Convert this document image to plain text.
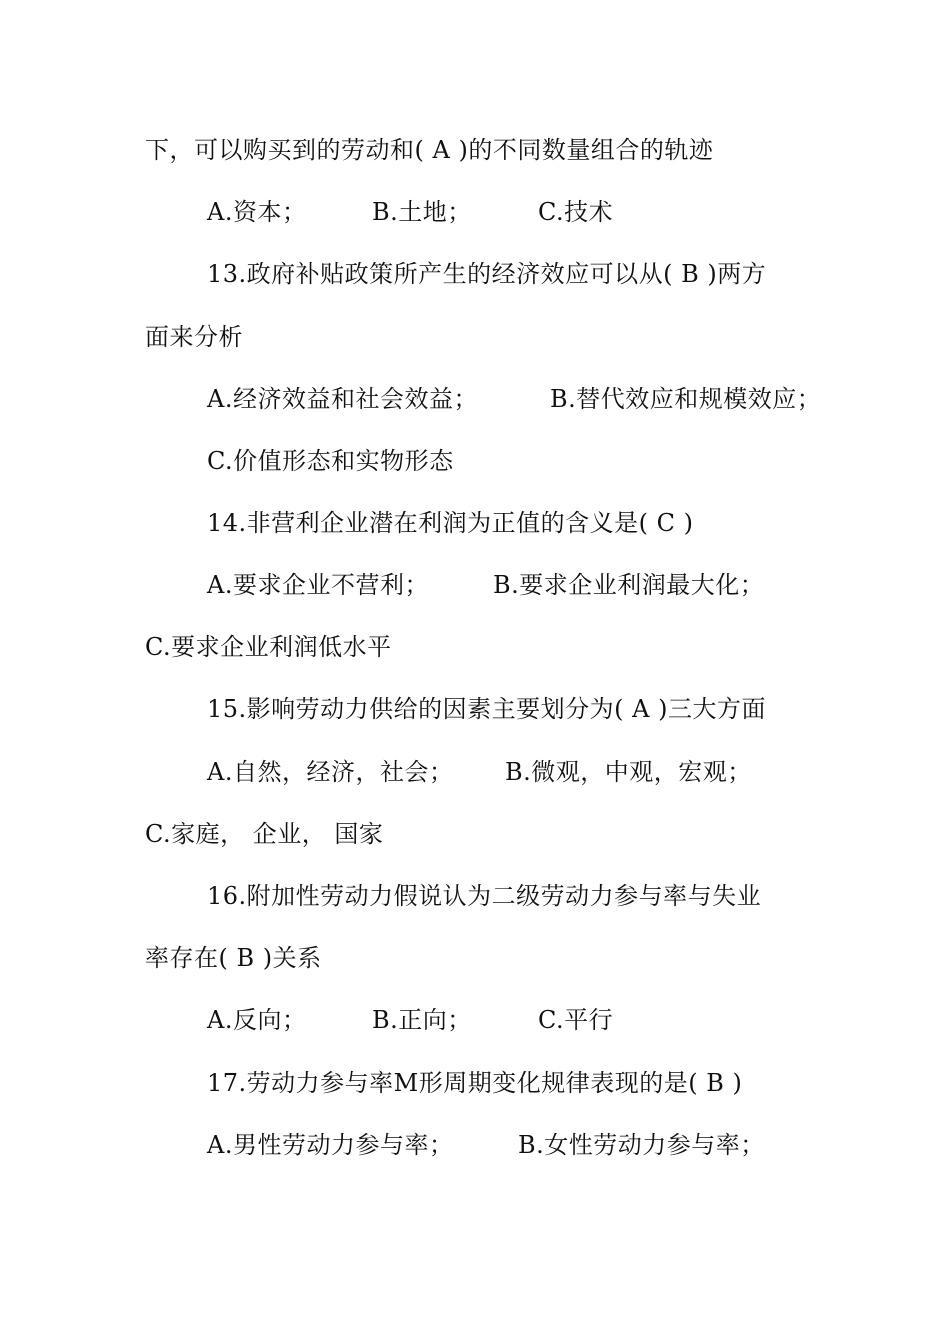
下，可以购买到的劳动和( A )的不同数量组合的轨迹
A.资本；	B.土地；	C.技术
13.政府补贴政策所产生的经济效应可以从( B )两方
面来分析
A.经济效益和社会效益；	B.替代效应和规模效应；
C.价值形态和实物形态
14.非营利企业潜在利润为正值的含义是( C )
A.要求企业不营利；	B.要求企业利润最大化；
C.要求企业利润低水平
15.影响劳动力供给的因素主要划分为( A )三大方面
A.自然，经济，社会； B.微观，中观，宏观；
C.家庭， 企业， 国家
16.附加性劳动力假说认为二级劳动力参与率与失业
率存在( B )关系
A.反向；	B.正向；	C.平行
17.劳动力参与率M形周期变化规律表现的是( B )
A.男性劳动力参与率；	B.女性劳动力参与率；
